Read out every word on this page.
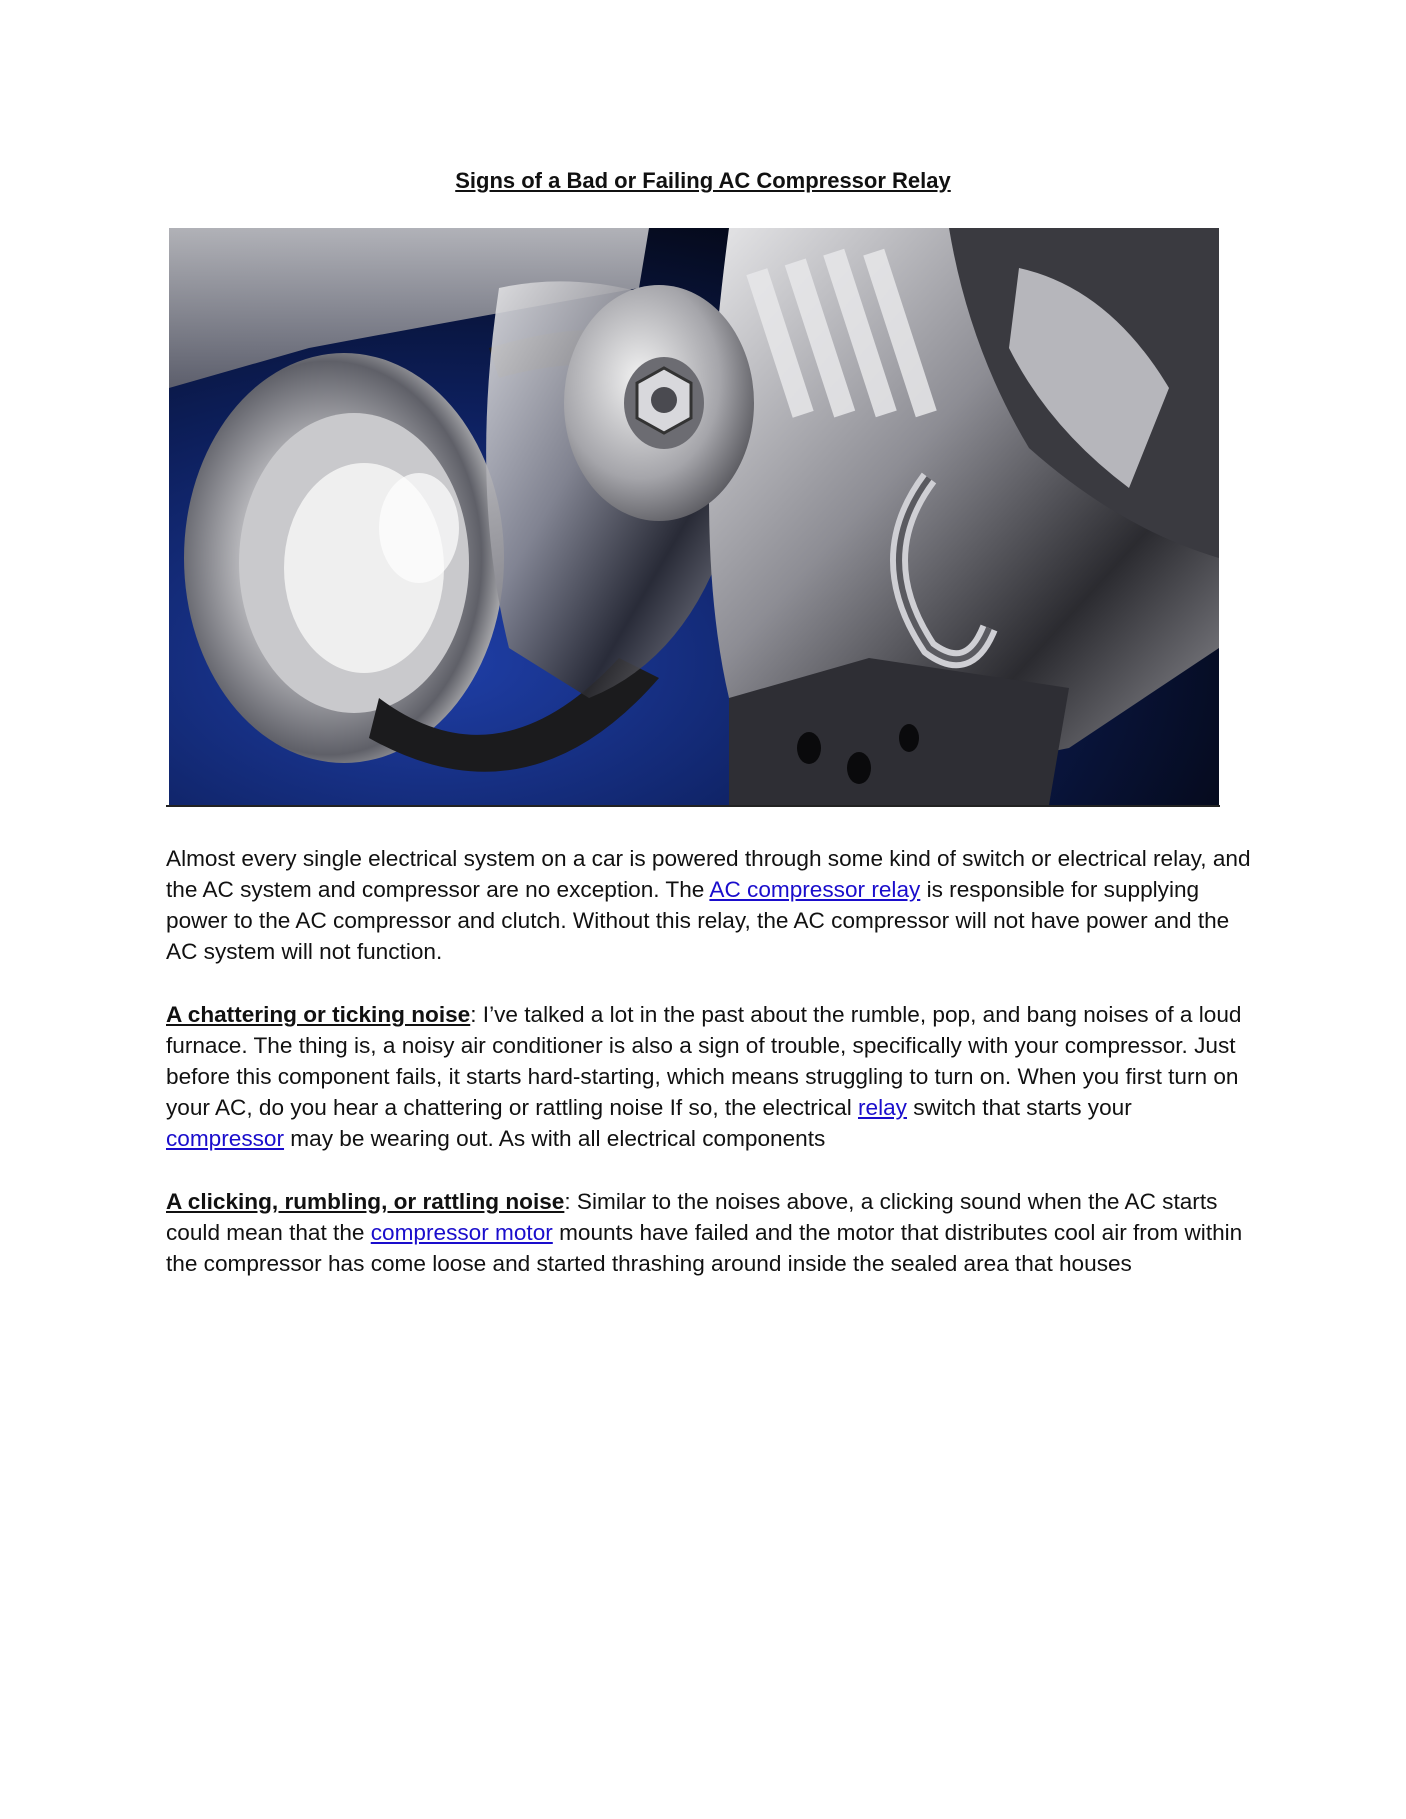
Signs of a Bad or Failing AC Compressor Relay

Almost every single electrical system on a car is powered through some kind of switch or electrical relay, and the AC system and compressor are no exception. The AC compressor relay is responsible for supplying power to the AC compressor and clutch. Without this relay, the AC compressor will not have power and the AC system will not function.

A chattering or ticking noise: I’ve talked a lot in the past about the rumble, pop, and bang noises of a loud furnace. The thing is, a noisy air conditioner is also a sign of trouble, specifically with your compressor. Just before this component fails, it starts hard-starting, which means struggling to turn on. When you first turn on your AC, do you hear a chattering or rattling noise If so, the electrical relay switch that starts your compressor may be wearing out. As with all electrical components

A clicking, rumbling, or rattling noise: Similar to the noises above, a clicking sound when the AC starts could mean that the compressor motor mounts have failed and the motor that distributes cool air from within the compressor has come loose and started thrashing around inside the sealed area that houses
